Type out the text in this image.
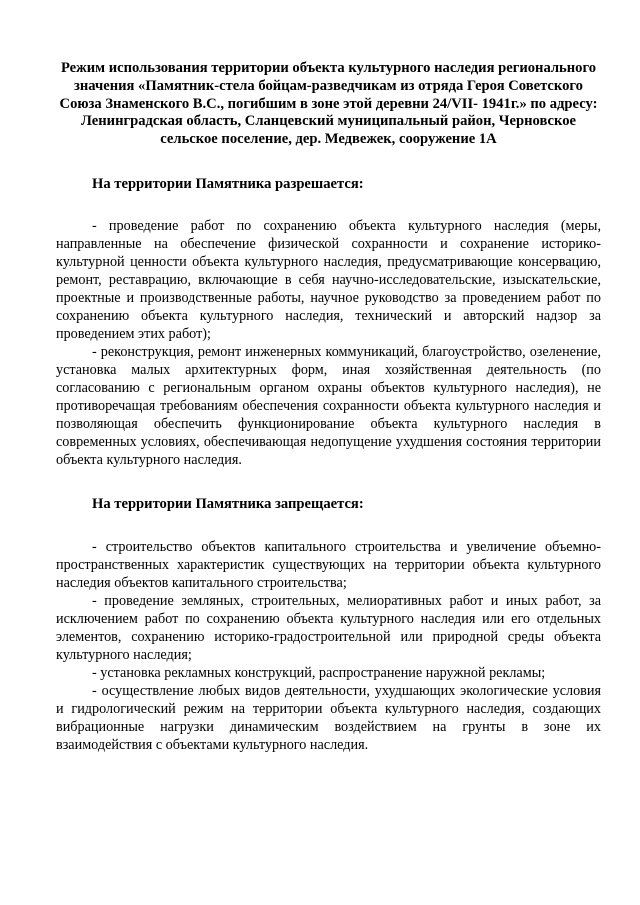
Режим использования территории объекта культурного наследия регионального значения «Памятник-стела бойцам-разведчикам из отряда Героя Советского Союза Знаменского В.С., погибшим в зоне этой деревни 24/VII- 1941г.» по адресу: Ленинградская область, Сланцевский муниципальный район, Черновское сельское поселение, дер. Медвежек, сооружение 1А
На территории Памятника разрешается:
- проведение работ по сохранению объекта культурного наследия (меры, направленные на обеспечение физической сохранности и сохранение историко-культурной ценности объекта культурного наследия, предусматривающие консервацию, ремонт, реставрацию, включающие в себя научно-исследовательские, изыскательские, проектные и производственные работы, научное руководство за проведением работ по сохранению объекта культурного наследия, технический и авторский надзор за проведением этих работ);
- реконструкция, ремонт инженерных коммуникаций, благоустройство, озеленение, установка малых архитектурных форм, иная хозяйственная деятельность (по согласованию с региональным органом охраны объектов культурного наследия), не противоречащая требованиям обеспечения сохранности объекта культурного наследия и позволяющая обеспечить функционирование объекта культурного наследия в современных условиях, обеспечивающая недопущение ухудшения состояния территории объекта культурного наследия.
На территории Памятника запрещается:
- строительство объектов капитального строительства и увеличение объемно-пространственных характеристик существующих на территории объекта культурного наследия объектов капитального строительства;
- проведение земляных, строительных, мелиоративных работ и иных работ, за исключением работ по сохранению объекта культурного наследия или его отдельных элементов, сохранению историко-градостроительной или природной среды объекта культурного наследия;
- установка рекламных конструкций, распространение наружной рекламы;
- осуществление любых видов деятельности, ухудшающих экологические условия и гидрологический режим на территории объекта культурного наследия, создающих вибрационные нагрузки динамическим воздействием на грунты в зоне их взаимодействия с объектами культурного наследия.
